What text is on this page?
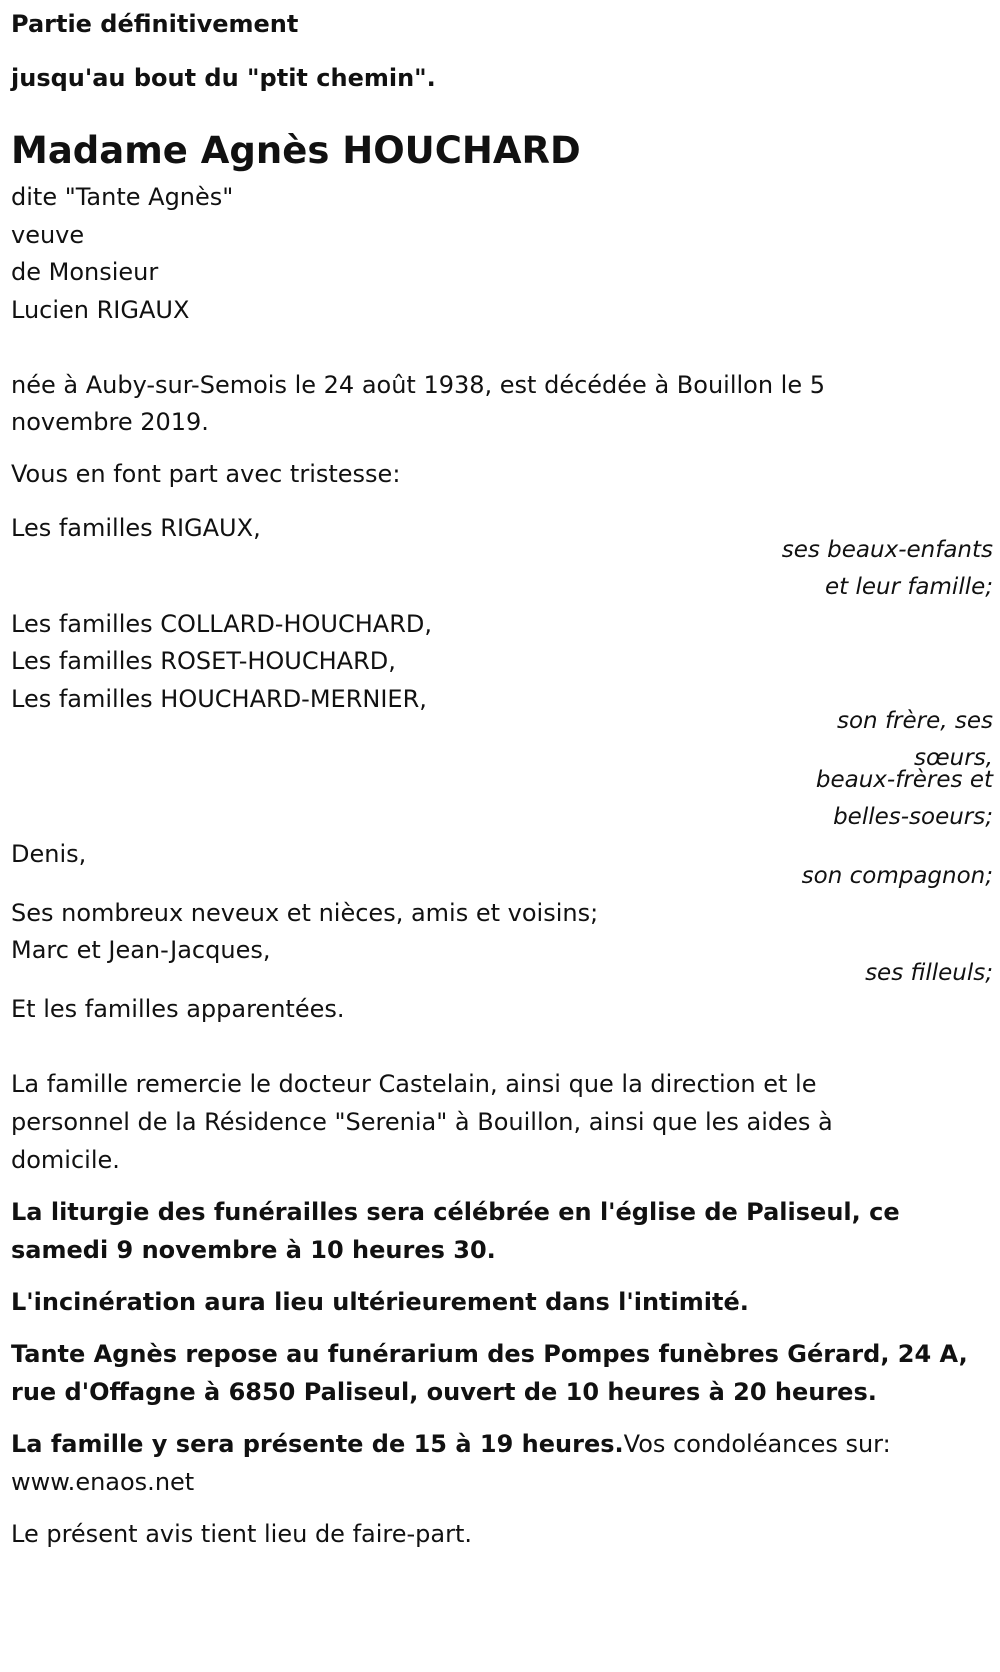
Partie définitivement

jusqu'au bout du "ptit chemin".

Madame Agnès HOUCHARD

dite "Tante Agnès"

veuve

de Monsieur

Lucien RIGAUX

née à Auby-sur-Semois le 24 août 1938, est décédée à Bouillon le 5

novembre 2019.

Vous en font part avec tristesse:

Les familles RIGAUX,

ses beaux-enfants

et leur famille;

Les familles COLLARD-HOUCHARD,

Les familles ROSET-HOUCHARD,

Les familles HOUCHARD-MERNIER,

son frère, ses

sœurs,

beaux-frères et

belles-soeurs;

Denis,

son compagnon;

Ses nombreux neveux et nièces, amis et voisins;

Marc et Jean-Jacques,

ses filleuls;

Et les familles apparentées.

La famille remercie le docteur Castelain, ainsi que la direction et le

personnel de la Résidence "Serenia" à Bouillon, ainsi que les aides à

domicile.

La liturgie des funérailles sera célébrée en l'église de Paliseul, ce

samedi 9 novembre à 10 heures 30.

L'incinération aura lieu ultérieurement dans l'intimité.

Tante Agnès repose au funérarium des Pompes funèbres Gérard, 24 A,

rue d'Offagne à 6850 Paliseul, ouvert de 10 heures à 20 heures.

La famille y sera présente de 15 à 19 heures.Vos condoléances sur:

www.enaos.net

Le présent avis tient lieu de faire-part.
